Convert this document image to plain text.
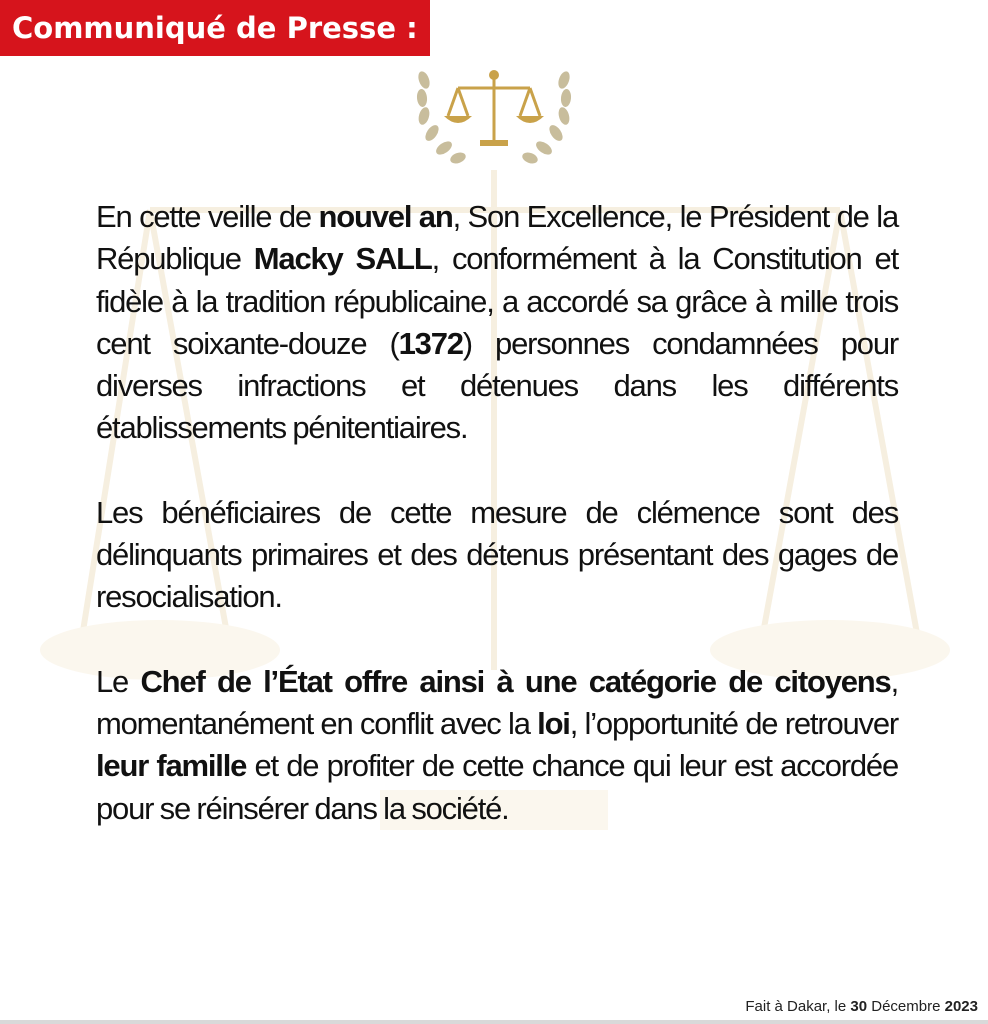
Communiqué de Presse :

En cette veille de nouvel an, Son Excellence, le Président de la République Macky SALL, conformément à la Constitution et fidèle à la tradition républicaine, a accordé sa grâce à mille trois cent soixante-douze (1372) personnes condamnées pour diverses infractions et détenues dans les différents établissements pénitentiaires.

Les bénéficiaires de cette mesure de clémence sont des délinquants primaires et des détenus présentant des gages de resocialisation.

Le Chef de l’État offre ainsi à une catégorie de citoyens, momentanément en conflit avec la loi, l’opportunité de retrouver leur famille et de profiter de cette chance qui leur est accordée pour se réinsérer dans la société.

Fait à Dakar, le 30 Décembre 2023
